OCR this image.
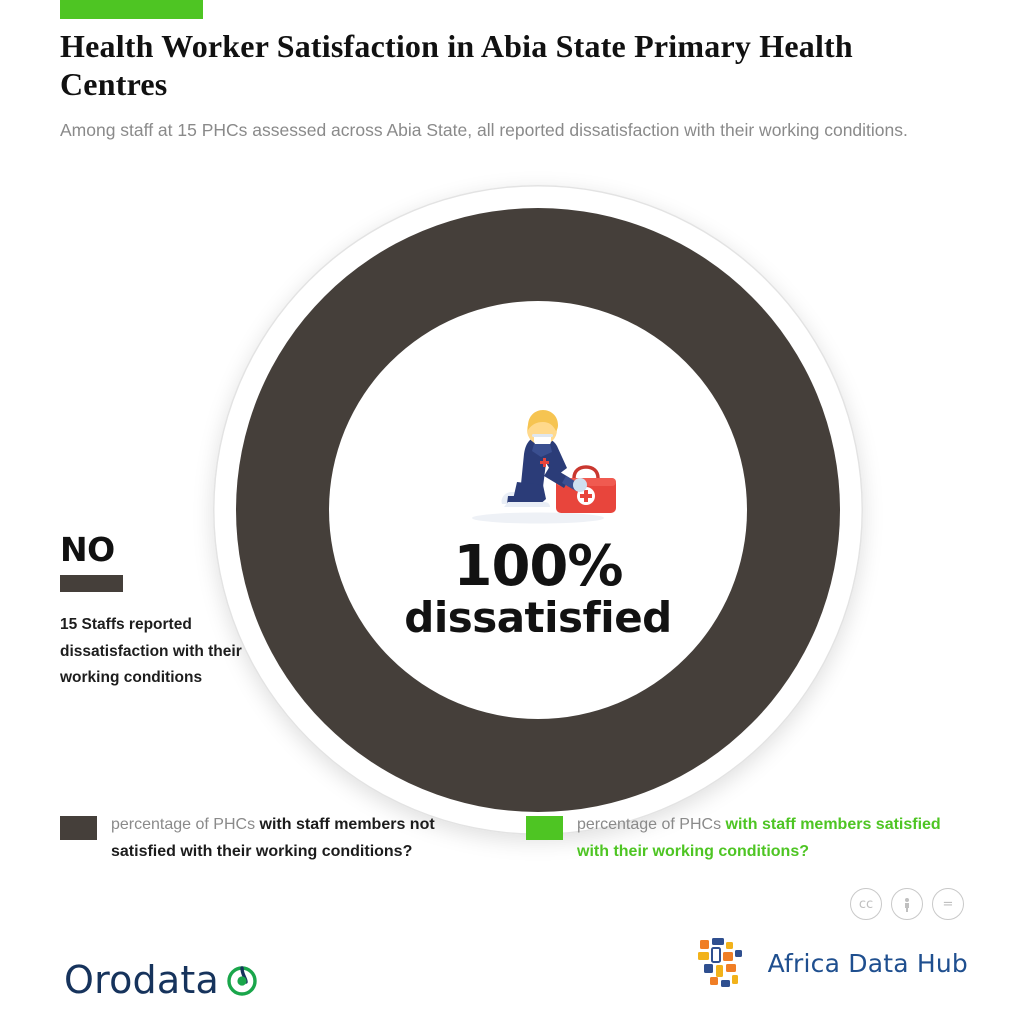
Health Worker Satisfaction in Abia State Primary Health Centres

Among staff at 15 PHCs assessed across Abia State, all reported dissatisfaction with their working conditions.

100%
dissatisfied
NO
15 Staffs reported dissatisfaction with their working conditions
percentage of PHCs with staff members not satisfied with their working conditions?
percentage of PHCs with staff members satisfied with their working conditions?
cc	=
Orodata	Africa Data Hub
